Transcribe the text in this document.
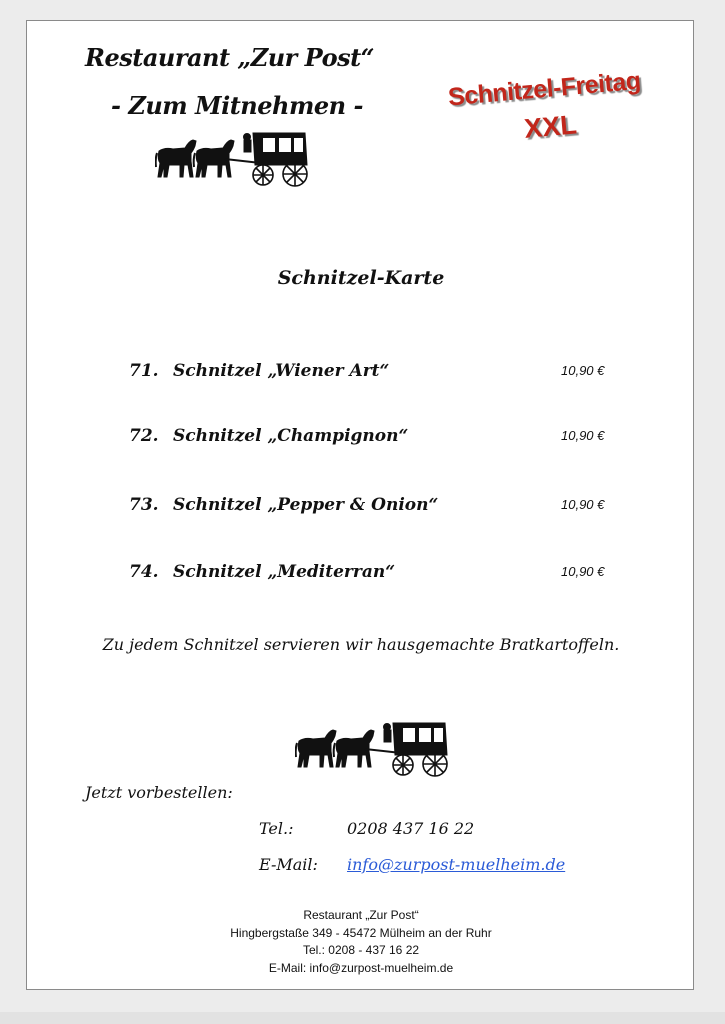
Restaurant „Zur Post“
- Zum Mitnehmen -	Schnitzel-Freitag
XXL
Schnitzel-Karte
71. Schnitzel „Wiener Art“	10,90 €
72. Schnitzel „Champignon“	10,90 €
73. Schnitzel „Pepper & Onion“	10,90 €
74. Schnitzel „Mediterran“	10,90 €
Zu jedem Schnitzel servieren wir hausgemachte Bratkartoffeln.
Jetzt vorbestellen:
Tel.:	0208 437 16 22
E-Mail: info@zurpost-muelheim.de
Restaurant „Zur Post“
Hingbergstaße 349 - 45472 Mülheim an der Ruhr
Tel.: 0208 - 437 16 22
E-Mail: info@zurpost-muelheim.de
